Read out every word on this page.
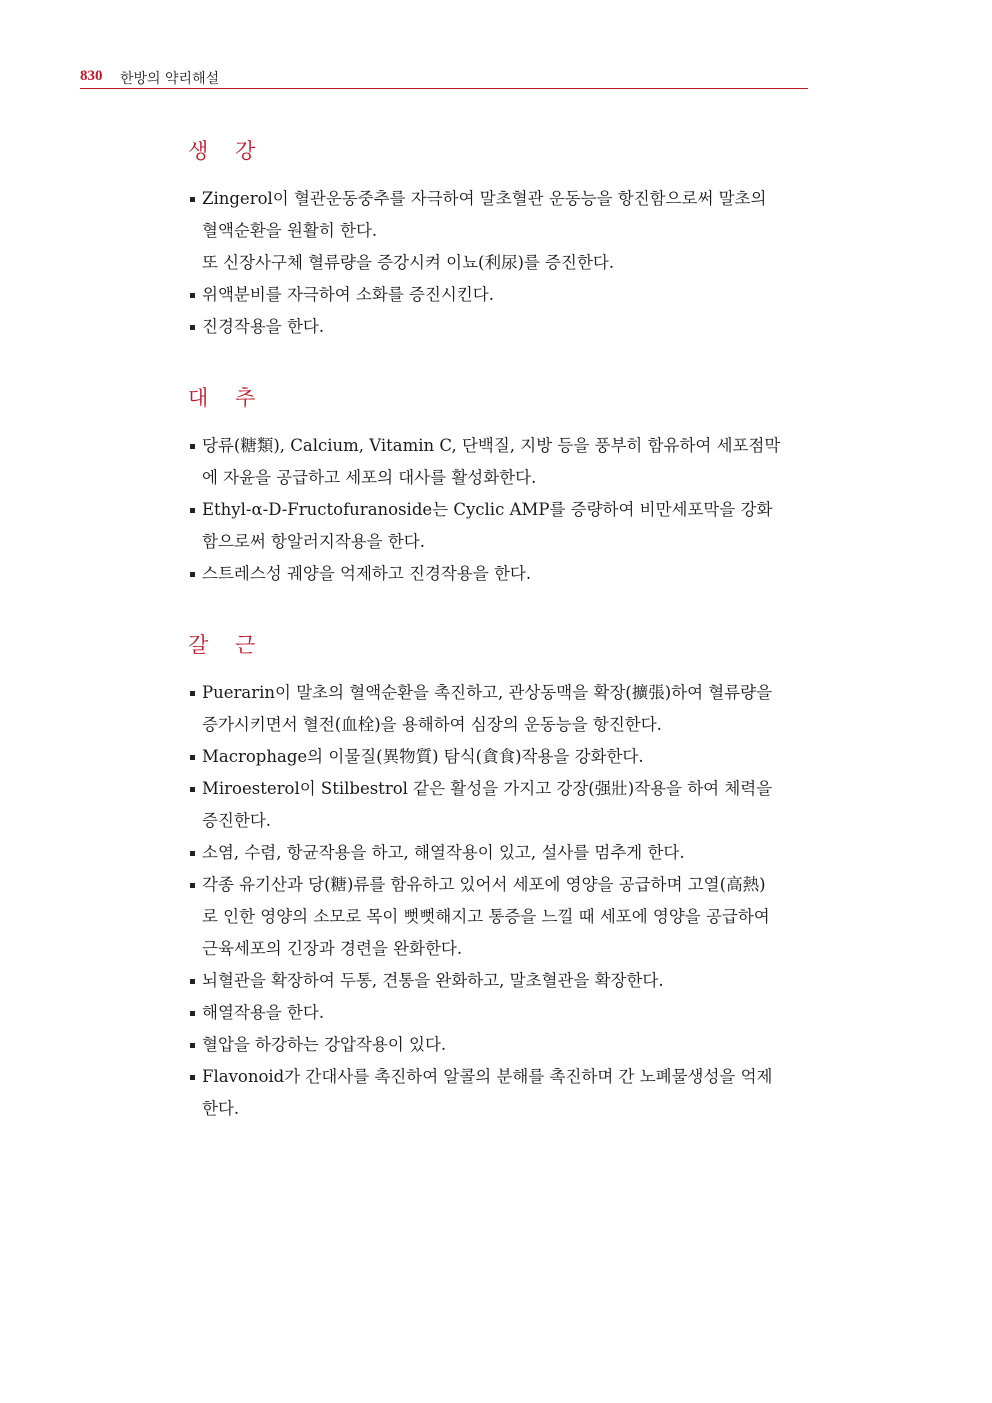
830 한방의 약리해설
생 강
Zingerol이 혈관운동중추를 자극하여 말초혈관 운동능을 항진함으로써 말초의
혈액순환을 원활히 한다.
또 신장사구체 혈류량을 증강시켜 이뇨(利尿)를 증진한다.
위액분비를 자극하여 소화를 증진시킨다.
진경작용을 한다.
대 추
당류(糖類), Calcium, Vitamin C, 단백질, 지방 등을 풍부히 함유하여 세포점막
에 자윤을 공급하고 세포의 대사를 활성화한다.
Ethyl-α-D-Fructofuranoside는 Cyclic AMP를 증량하여 비만세포막을 강화
함으로써 항알러지작용을 한다.
스트레스성 궤양을 억제하고 진경작용을 한다.
갈 근
Puerarin이 말초의 혈액순환을 촉진하고, 관상동맥을 확장(擴張)하여 혈류량을
증가시키면서 혈전(血栓)을 용해하여 심장의 운동능을 항진한다.
Macrophage의 이물질(異物質) 탐식(貪食)작용을 강화한다.
Miroesterol이 Stilbestrol 같은 활성을 가지고 강장(强壯)작용을 하여 체력을
증진한다.
소염, 수렴, 항균작용을 하고, 해열작용이 있고, 설사를 멈추게 한다.
각종 유기산과 당(糖)류를 함유하고 있어서 세포에 영양을 공급하며 고열(高熱)
로 인한 영양의 소모로 목이 뻣뻣해지고 통증을 느낄 때 세포에 영양을 공급하여
근육세포의 긴장과 경련을 완화한다.
뇌혈관을 확장하여 두통, 견통을 완화하고, 말초혈관을 확장한다.
해열작용을 한다.
혈압을 하강하는 강압작용이 있다.
Flavonoid가 간대사를 촉진하여 알콜의 분해를 촉진하며 간 노폐물생성을 억제
한다.
